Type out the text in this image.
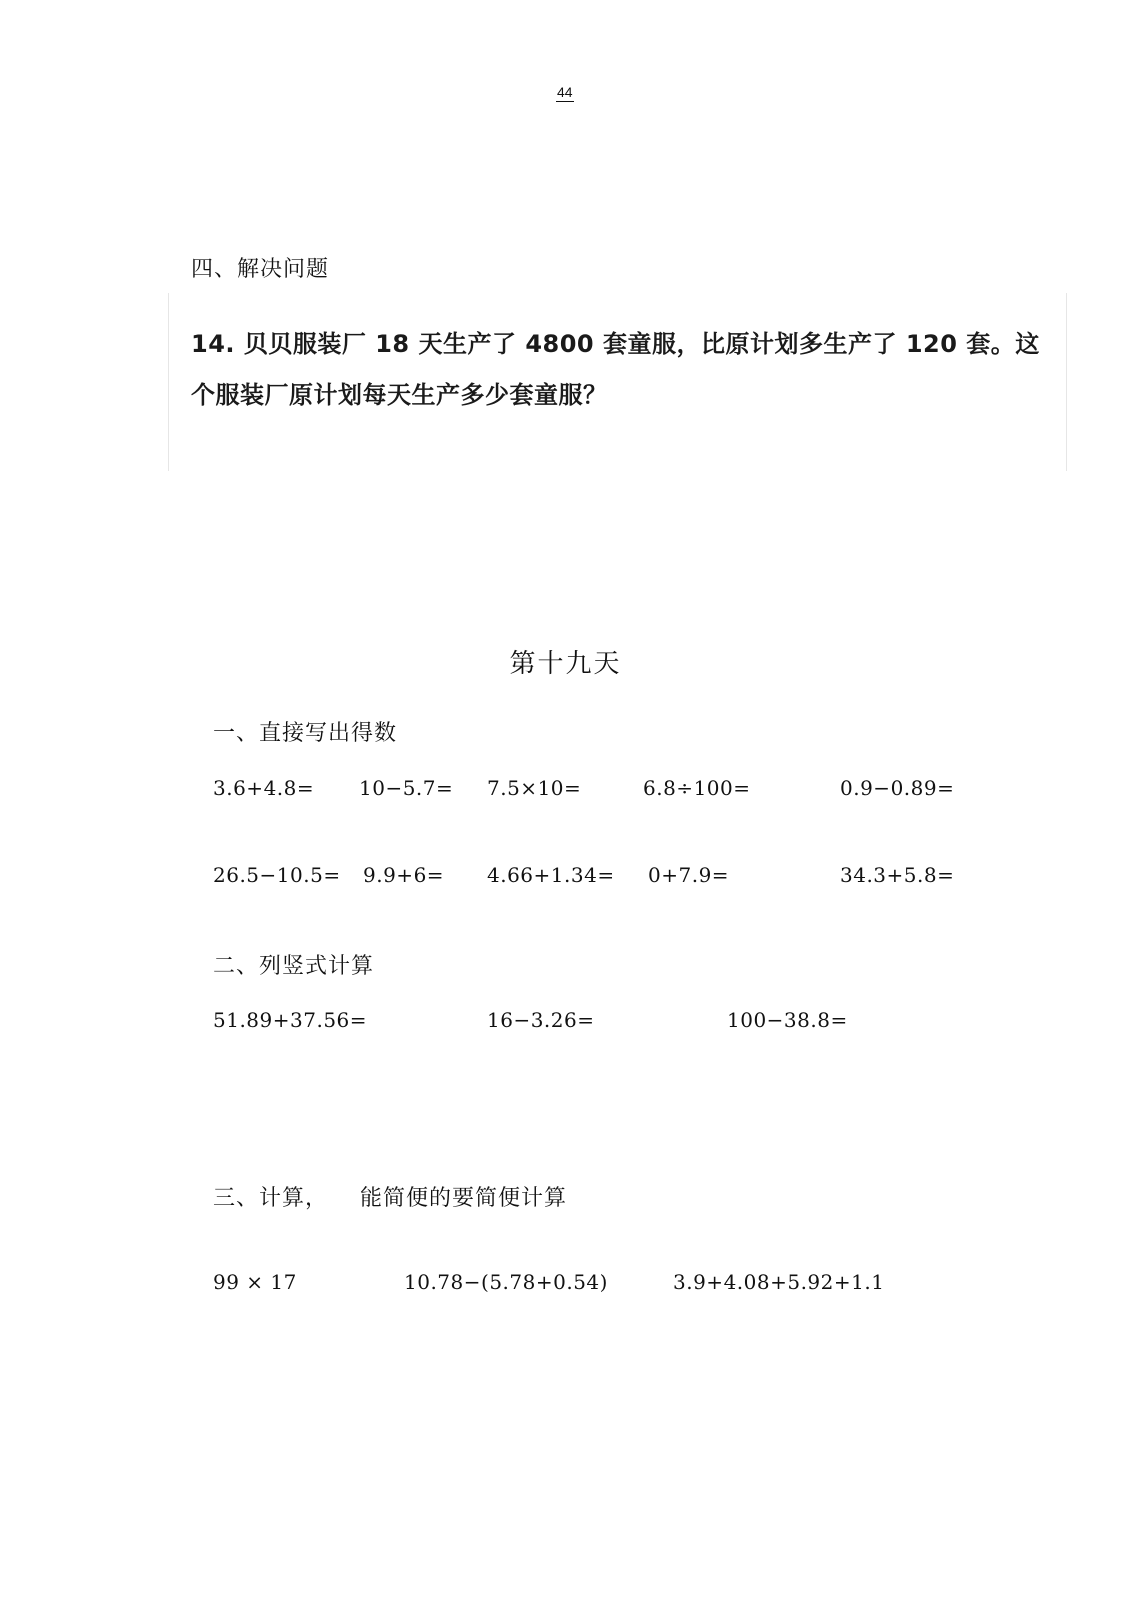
44
四、解决问题
14. 贝贝服装厂 18 天生产了 4800 套童服，比原计划多生产了 120 套。这个服装厂原计划每天生产多少套童服？
第十九天
一、直接写出得数
3.6+4.8= 10−5.7= 7.5×10=	6.8÷100=	0.9−0.89=
26.5−10.5= 9.9+6= 4.66+1.34= 0+7.9=	34.3+5.8=
二、列竖式计算
51.89+37.56=	16−3.26=	100−38.8=
三、计算，    能简便的要简便计算
99 × 17	10.78−(5.78+0.54)	3.9+4.08+5.92+1.1
